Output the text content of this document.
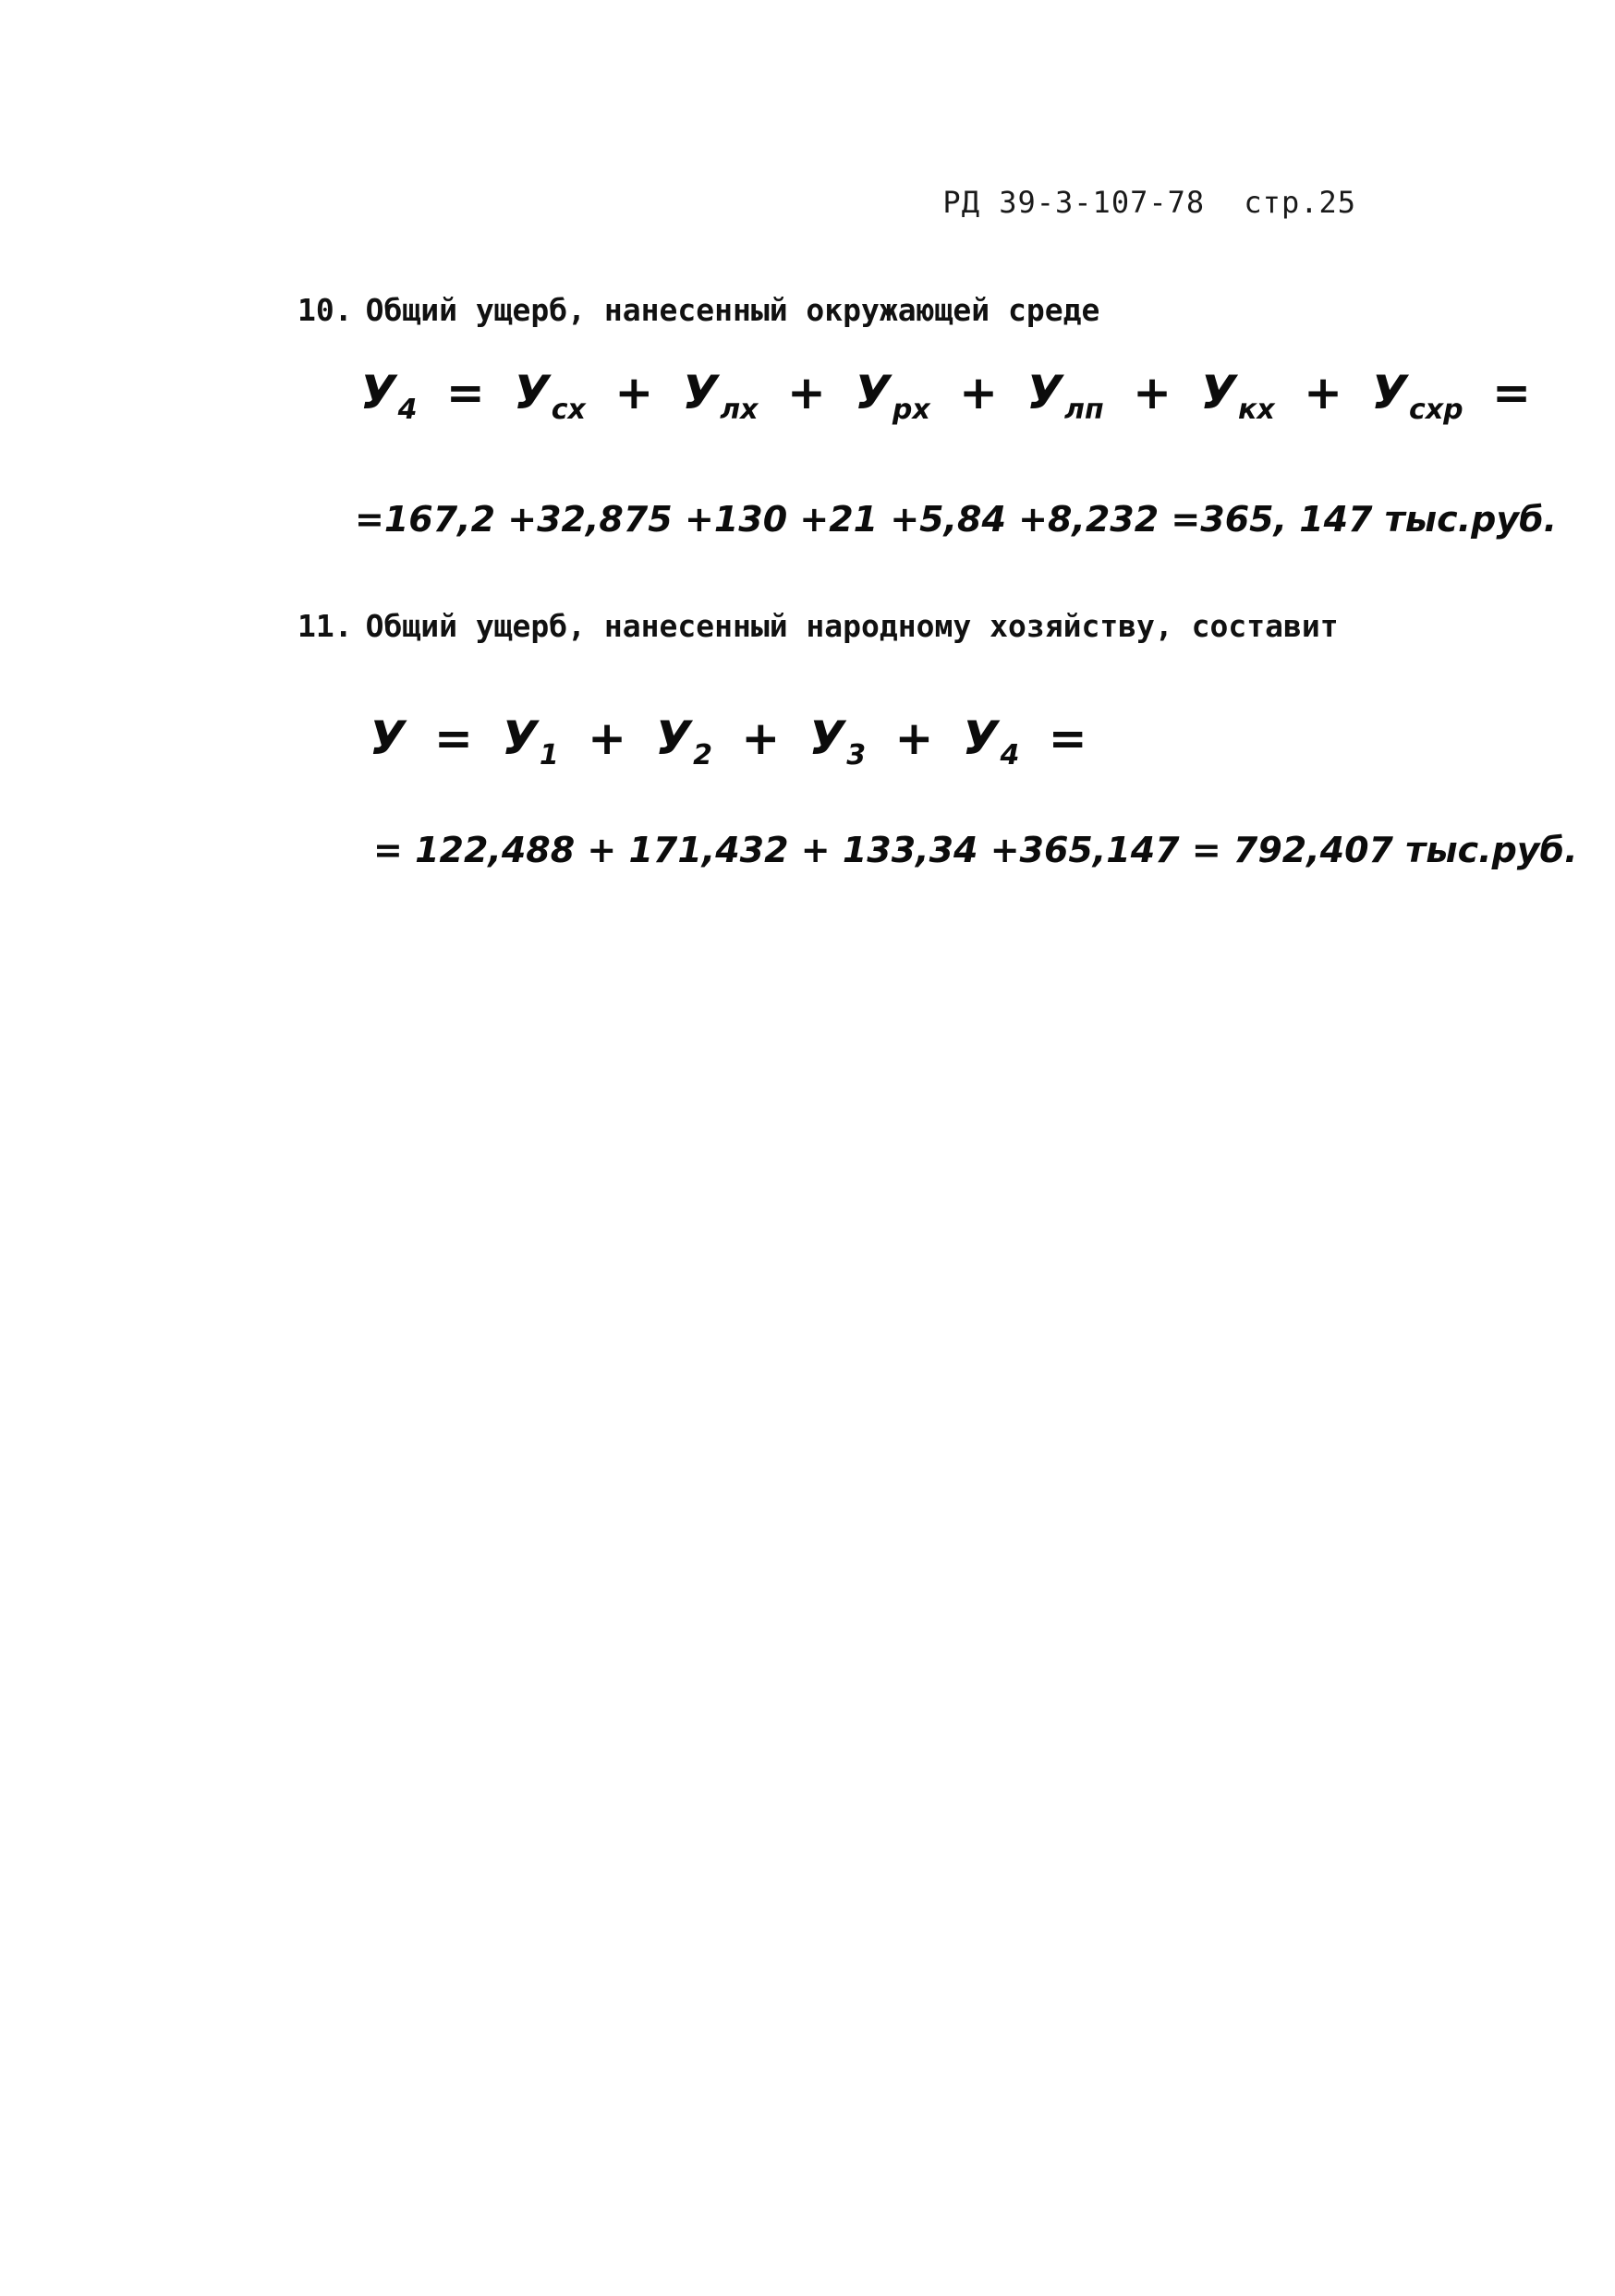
РД 39-3-107-78 стр.25
10. Общий ущерб, нанесенный окружающей среде
$У_4 = У_{сх} + У_{лх} + У_{рх} + У_{лп} + У_{кх} + У_{схр}$ =
=167,2 +32,875 +130 +21 +5,84 +8,232 =365, 147 тыс.руб.
11. Общий ущерб, нанесенный народному хозяйству, составит
$У = У_1 + У_2 + У_3 + У_4$ =
= 122,488 + 171,432 + 133,34 +365,147 = 792,407 тыс.руб.
